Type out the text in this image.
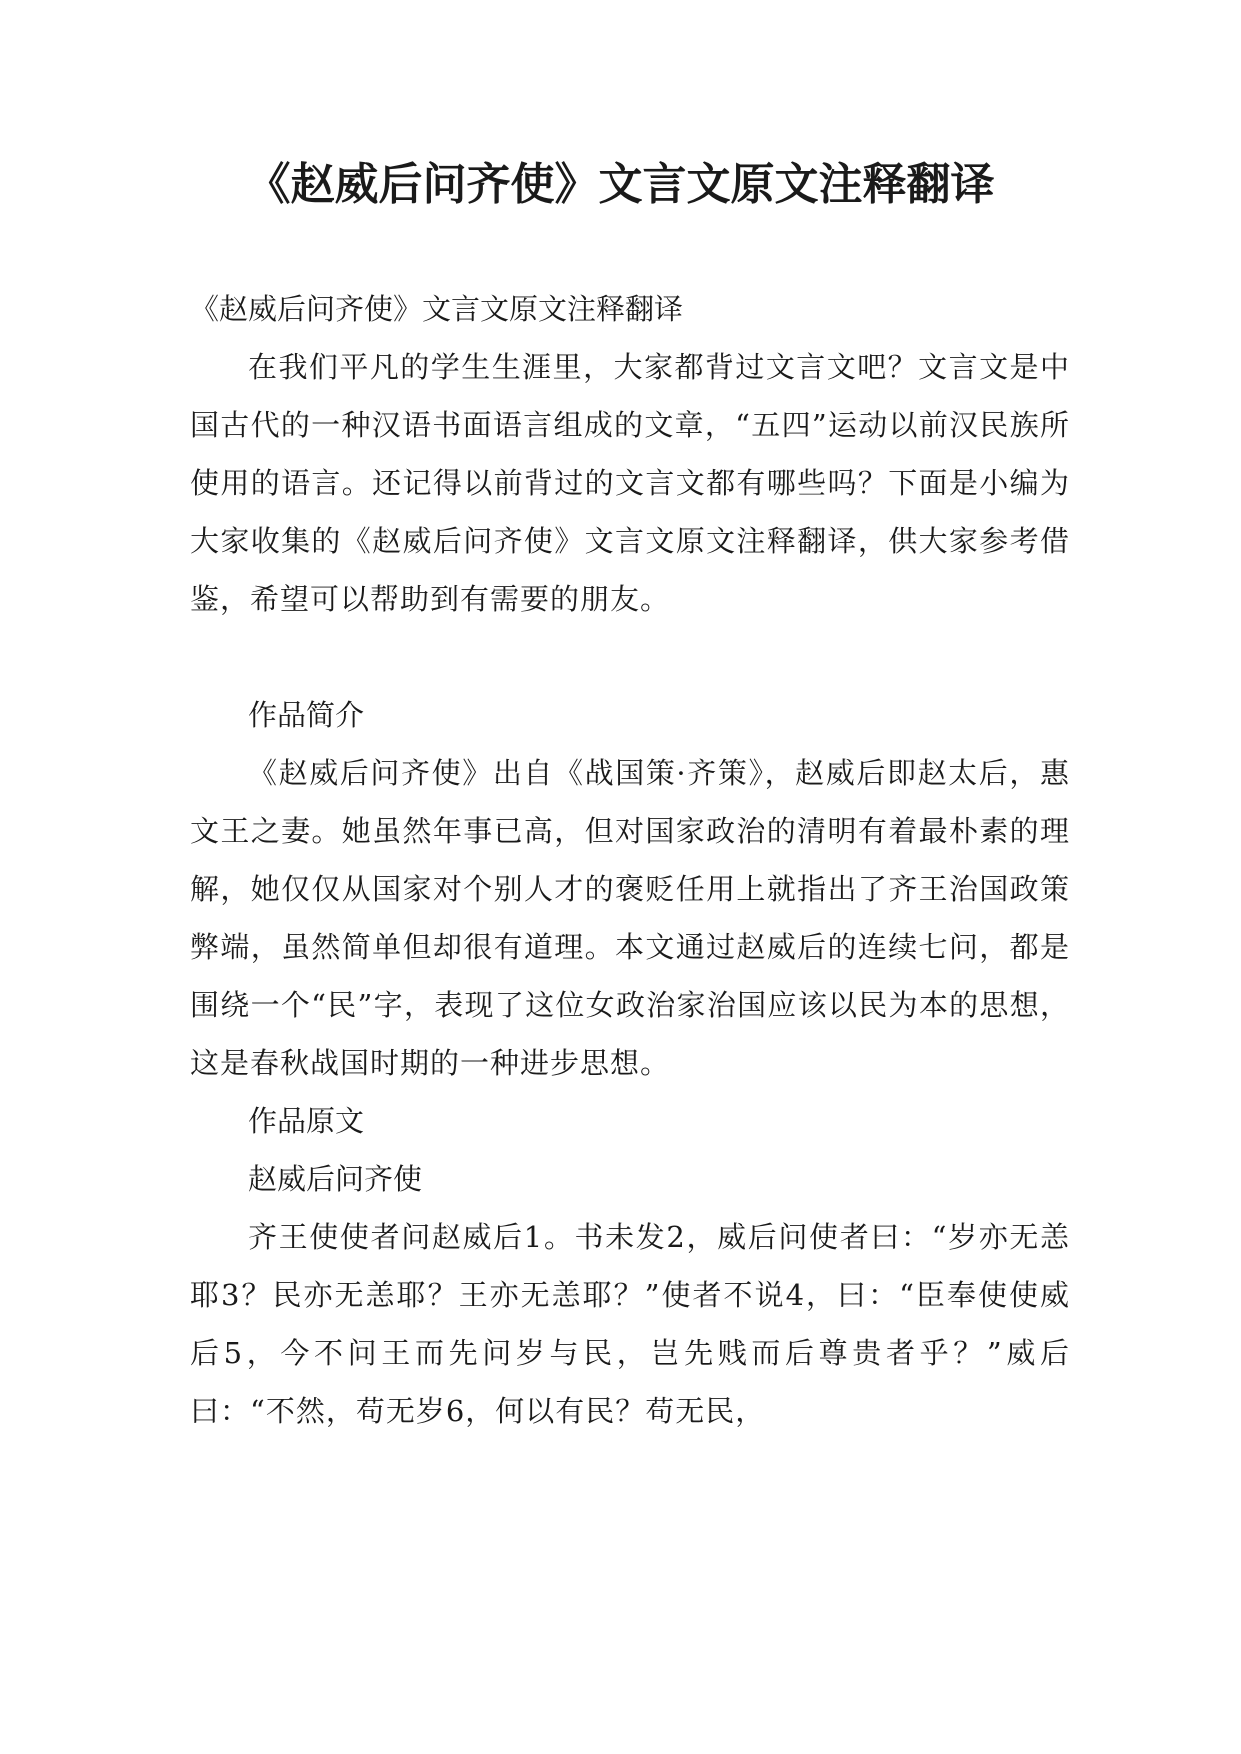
《赵威后问齐使》文言文原文注释翻译

《赵威后问齐使》文言文原文注释翻译

在我们平凡的学生生涯里，大家都背过文言文吧？文言文是中国古代的一种汉语书面语言组成的文章，“五四”运动以前汉民族所使用的语言。还记得以前背过的文言文都有哪些吗？下面是小编为大家收集的《赵威后问齐使》文言文原文注释翻译，供大家参考借鉴，希望可以帮助到有需要的朋友。

作品简介

《赵威后问齐使》出自《战国策·齐策》，赵威后即赵太后，惠文王之妻。她虽然年事已高，但对国家政治的清明有着最朴素的理解，她仅仅从国家对个别人才的褒贬任用上就指出了齐王治国政策弊端，虽然简单但却很有道理。本文通过赵威后的连续七问，都是围绕一个“民”字，表现了这位女政治家治国应该以民为本的思想，这是春秋战国时期的一种进步思想。

作品原文

赵威后问齐使

齐王使使者问赵威后1。书未发2，威后问使者曰：“岁亦无恙耶3？民亦无恙耶？王亦无恙耶？”使者不说4，曰：“臣奉使使威后5，今不问王而先问岁与民，岂先贱而后尊贵者乎？”威后曰：“不然，苟无岁6，何以有民？苟无民，
